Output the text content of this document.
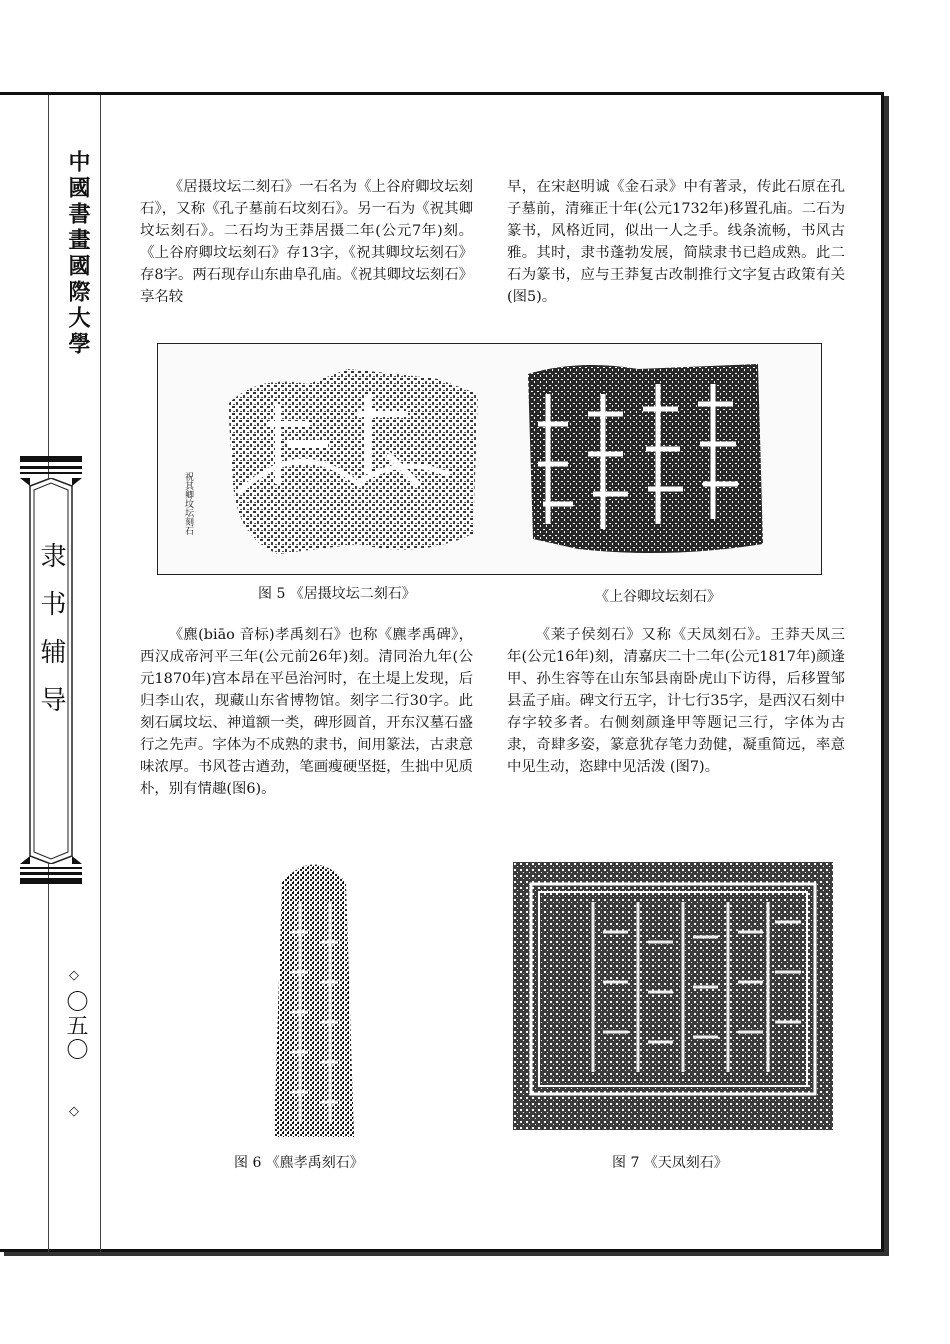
中國書畫國際大學
隶书辅导
◇
〇五〇
◇

《居摄坟坛二刻石》一石名为《上谷府卿坟坛刻石》，又称《孔子墓前石坟刻石》。另一石为《祝其卿坟坛刻石》。二石均为王莽居摄二年(公元7年)刻。《上谷府卿坟坛刻石》存13字，《祝其卿坟坛刻石》存8字。两石现存山东曲阜孔庙。《祝其卿坟坛刻石》享名较

早，在宋赵明诚《金石录》中有著录，传此石原在孔子墓前，清雍正十年(公元1732年)移置孔庙。二石为篆书，风格近同，似出一人之手。线条流畅，书风古雅。其时，隶书蓬勃发展，简牍隶书已趋成熟。此二石为篆书，应与王莽复古改制推行文字复古政策有关(图5)。

祝其卿坟坛刻石
图 5 《居摄坟坛二刻石》	《上谷卿坟坛刻石》

《麃(biāo 音标)孝禹刻石》也称《麃孝禹碑》，西汉成帝河平三年(公元前26年)刻。清同治九年(公元1870年)宫本昂在平邑治河时，在土堤上发现，后归李山农，现藏山东省博物馆。刻字二行30字。此刻石属坟坛、神道额一类，碑形圆首，开东汉墓石盛行之先声。字体为不成熟的隶书，间用篆法，古隶意味浓厚。书风苍古遒劲，笔画瘦硬坚挺，生拙中见质朴，别有情趣(图6)。

《莱子侯刻石》又称《天凤刻石》。王莽天凤三年(公元16年)刻，清嘉庆二十二年(公元1817年)颜逢甲、孙生容等在山东邹县南卧虎山下访得，后移置邹县孟子庙。碑文行五字，计七行35字，是西汉石刻中存字较多者。右侧刻颜逢甲等题记三行，字体为古隶，奇肆多姿，篆意犹存笔力劲健，凝重简远，率意中见生动，恣肆中见活泼 (图7)。

图 6 《麃孝禹刻石》	图 7 《天凤刻石》
